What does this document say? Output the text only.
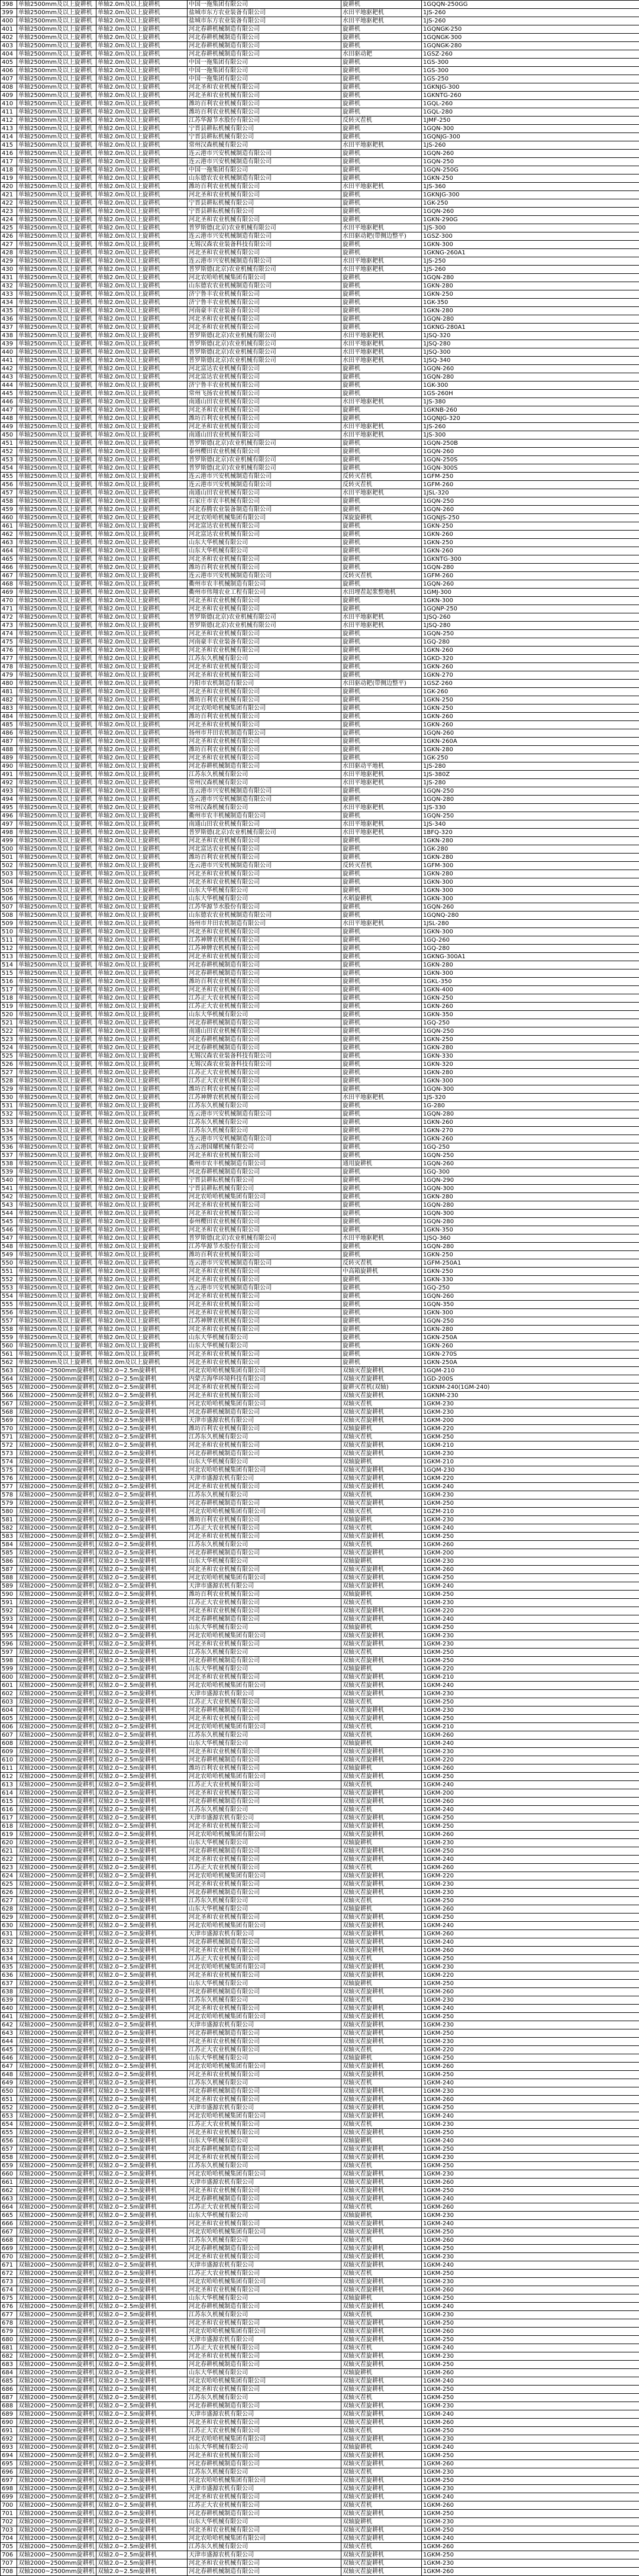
398	单轴2500mm及以上旋耕机	单轴2.0m及以上旋耕机	中国一拖集团有限公司	旋耕机	1GQQN-250GG
399	单轴2500mm及以上旋耕机	单轴2.0m及以上旋耕机	盐城市东方农业装备有限公司	水田平地驱耙机	1JS-260
400	单轴2500mm及以上旋耕机	单轴2.0m及以上旋耕机	盐城市东方农业装备有限公司	水田平地驱耙机	1JS-260
401	单轴2500mm及以上旋耕机	单轴2.0m及以上旋耕机	河北春耕机械制造有限公司	旋耕机	1GQNGK-250
402	单轴2500mm及以上旋耕机	单轴2.0m及以上旋耕机	河北春耕机械制造有限公司	旋耕机	1GQNGK-300
403	单轴2500mm及以上旋耕机	单轴2.0m及以上旋耕机	河北春耕机械制造有限公司	旋耕机	1GQNGK-280
404	单轴2500mm及以上旋耕机	单轴2.0m及以上旋耕机	河北春耕机械制造有限公司	水田驱动耙	1GSZ-260
405	单轴2500mm及以上旋耕机	单轴2.0m及以上旋耕机	中国一拖集团有限公司	旋耕机	1GS-300
406	单轴2500mm及以上旋耕机	单轴2.0m及以上旋耕机	中国一拖集团有限公司	旋耕机	1GS-300
407	单轴2500mm及以上旋耕机	单轴2.0m及以上旋耕机	中国一拖集团有限公司	旋耕机	1GS-250
408	单轴2500mm及以上旋耕机	单轴2.0m及以上旋耕机	河北圣和农业机械有限公司	旋耕机	1GKNJG-300
409	单轴2500mm及以上旋耕机	单轴2.0m及以上旋耕机	河北圣和农业机械有限公司	旋耕机	1GKNTG-260
410	单轴2500mm及以上旋耕机	单轴2.0m及以上旋耕机	潍坊百利农业机械有限公司	旋耕机	1GQL-260
411	单轴2500mm及以上旋耕机	单轴2.0m及以上旋耕机	潍坊百利农业机械有限公司	旋耕机	1GQL-280
412	单轴2500mm及以上旋耕机	单轴2.0m及以上旋耕机	江苏华源节水股份有限公司	反转灭茬机	1JMF-250
413	单轴2500mm及以上旋耕机	单轴2.0m及以上旋耕机	宁晋县耕耘机械有限公司	旋耕机	1GQN-300
414	单轴2500mm及以上旋耕机	单轴2.0m及以上旋耕机	宁晋县耕耘机械有限公司	旋耕机	1GQNJG-300
415	单轴2500mm及以上旋耕机	单轴2.0m及以上旋耕机	常州汉森机械有限公司	水田平地驱耙机	1JS-260
416	单轴2500mm及以上旋耕机	单轴2.0m及以上旋耕机	连云港市兴安机械制造有限公司	旋耕机	1GQN-260
417	单轴2500mm及以上旋耕机	单轴2.0m及以上旋耕机	连云港市兴安机械制造有限公司	旋耕机	1GQN-250
418	单轴2500mm及以上旋耕机	单轴2.0m及以上旋耕机	中国一拖集团有限公司	旋耕机	1GQN-250G
419	单轴2500mm及以上旋耕机	单轴2.0m及以上旋耕机	山东德农农业机械制造有限公司	旋耕机	1GKN-250
420	单轴2500mm及以上旋耕机	单轴2.0m及以上旋耕机	潍坊百利农业机械有限公司	水田平地驱耙机	1JS-360
421	单轴2500mm及以上旋耕机	单轴2.0m及以上旋耕机	河北圣和农业机械有限公司	旋耕机	1GKNJG-300
422	单轴2500mm及以上旋耕机	单轴2.0m及以上旋耕机	宁晋县耕耘机械有限公司	旋耕机	1GK-250
423	单轴2500mm及以上旋耕机	单轴2.0m及以上旋耕机	宁晋县耕耘机械有限公司	旋耕机	1GQN-260
424	单轴2500mm及以上旋耕机	单轴2.0m及以上旋耕机	河北圣和农业机械有限公司	旋耕机	1GKN-290G
425	单轴2500mm及以上旋耕机	单轴2.0m及以上旋耕机	普罗斯德(北京)农业机械有限公司	水田平地驱耙机	1JS-300
426	单轴2500mm及以上旋耕机	单轴2.0m及以上旋耕机	连云港市兴安机械制造有限公司	水田驱动耙(带侧边整平)	1GSZ-300
427	单轴2500mm及以上旋耕机	单轴2.0m及以上旋耕机	无锡汉森农业装备科技有限公司	旋耕机	1GKN-300
428	单轴2500mm及以上旋耕机	单轴2.0m及以上旋耕机	河北圣和农业机械有限公司	旋耕机	1GKNG-260A1
429	单轴2500mm及以上旋耕机	单轴2.0m及以上旋耕机	连云港市兴安机械制造有限公司	水田平地驱耙机	1JS-250
430	单轴2500mm及以上旋耕机	单轴2.0m及以上旋耕机	普罗斯德(北京)农业机械有限公司	水田平地驱耙机	1JS-260
431	单轴2500mm及以上旋耕机	单轴2.0m及以上旋耕机	河北农哈哈机械集团有限公司	旋耕机	1GQN-280
432	单轴2500mm及以上旋耕机	单轴2.0m及以上旋耕机	山东德农农业机械制造有限公司	旋耕机	1GKN-280
433	单轴2500mm及以上旋耕机	单轴2.0m及以上旋耕机	济宁鲁丰农业机械有限公司	旋耕机	1GKN-250
434	单轴2500mm及以上旋耕机	单轴2.0m及以上旋耕机	济宁鲁丰农业机械有限公司	旋耕机	1GK-350
435	单轴2500mm及以上旋耕机	单轴2.0m及以上旋耕机	河南豪丰农业装备有限公司	旋耕机	1GKN-280
436	单轴2500mm及以上旋耕机	单轴2.0m及以上旋耕机	河北圣和农业机械有限公司	旋耕机	1GQN-280
437	单轴2500mm及以上旋耕机	单轴2.0m及以上旋耕机	河北圣和农业机械有限公司	旋耕机	1GKNG-280A1
438	单轴2500mm及以上旋耕机	单轴2.0m及以上旋耕机	普罗斯德(北京)农业机械有限公司	水田平地驱耙机	1JSQ-320
439	单轴2500mm及以上旋耕机	单轴2.0m及以上旋耕机	普罗斯德(北京)农业机械有限公司	水田平地驱耙机	1JSQ-280
440	单轴2500mm及以上旋耕机	单轴2.0m及以上旋耕机	普罗斯德(北京)农业机械有限公司	水田平地驱耙机	1JSQ-300
441	单轴2500mm及以上旋耕机	单轴2.0m及以上旋耕机	普罗斯德(北京)农业机械有限公司	水田平地驱耙机	1JSQ-340
442	单轴2500mm及以上旋耕机	单轴2.0m及以上旋耕机	河北富达农业机械有限公司	旋耕机	1GQN-260
443	单轴2500mm及以上旋耕机	单轴2.0m及以上旋耕机	河北富达农业机械有限公司	旋耕机	1GQN-280
444	单轴2500mm及以上旋耕机	单轴2.0m及以上旋耕机	济宁鲁丰农业机械有限公司	旋耕机	1GK-300
445	单轴2500mm及以上旋耕机	单轴2.0m及以上旋耕机	常州飞扬农业机械有限公司	旋耕机	1GS-260H
446	单轴2500mm及以上旋耕机	单轴2.0m及以上旋耕机	南通山田农业机械有限公司	水田平地驱耙机	1JS-380
447	单轴2500mm及以上旋耕机	单轴2.0m及以上旋耕机	河北圣和农业机械有限公司	旋耕机	1GKNB-260
448	单轴2500mm及以上旋耕机	单轴2.0m及以上旋耕机	潍坊百利农业机械有限公司	旋耕机	1GQNJG-320
449	单轴2500mm及以上旋耕机	单轴2.0m及以上旋耕机	河北圣和农业机械有限公司	水田平地驱耙机	1JS-260
450	单轴2500mm及以上旋耕机	单轴2.0m及以上旋耕机	南通山田农业机械有限公司	水田平地驱耙机	1JS-300
451	单轴2500mm及以上旋耕机	单轴2.0m及以上旋耕机	普罗斯德(北京)农业机械有限公司	旋耕机	1GQN-250B
452	单轴2500mm及以上旋耕机	单轴2.0m及以上旋耕机	泰州樱田农业机械有限公司	旋耕机	1GQN-260
453	单轴2500mm及以上旋耕机	单轴2.0m及以上旋耕机	普罗斯德(北京)农业机械有限公司	旋耕机	1GQN-250S
454	单轴2500mm及以上旋耕机	单轴2.0m及以上旋耕机	普罗斯德(北京)农业机械有限公司	旋耕机	1GQN-300S
455	单轴2500mm及以上旋耕机	单轴2.0m及以上旋耕机	连云港市兴安机械制造有限公司	反转灭茬机	1GFM-250
456	单轴2500mm及以上旋耕机	单轴2.0m及以上旋耕机	连云港市兴安机械制造有限公司	反转灭茬机	1GFM-260
457	单轴2500mm及以上旋耕机	单轴2.0m及以上旋耕机	南通山田农业机械有限公司	水田平地驱耙机	1JSL-320
458	单轴2500mm及以上旋耕机	单轴2.0m及以上旋耕机	石家庄市农丰机械有限公司	旋耕机	1GQN-250
459	单轴2500mm及以上旋耕机	单轴2.0m及以上旋耕机	河北春腾农业装备制造有限公司	旋耕机	1GQN-260
460	单轴2500mm及以上旋耕机	单轴2.0m及以上旋耕机	河北农哈哈机械集团有限公司	深旋旋耕机	1GQNJS-250
461	单轴2500mm及以上旋耕机	单轴2.0m及以上旋耕机	河北富达农业机械有限公司	旋耕机	1GKN-250
462	单轴2500mm及以上旋耕机	单轴2.0m及以上旋耕机	河北富达农业机械有限公司	旋耕机	1GKN-260
463	单轴2500mm及以上旋耕机	单轴2.0m及以上旋耕机	山东大华机械有限公司	旋耕机	1GKN-250
464	单轴2500mm及以上旋耕机	单轴2.0m及以上旋耕机	山东大华机械有限公司	旋耕机	1GKN-260
465	单轴2500mm及以上旋耕机	单轴2.0m及以上旋耕机	河北圣和农业机械有限公司	旋耕机	1GKNTG-300
466	单轴2500mm及以上旋耕机	单轴2.0m及以上旋耕机	潍坊百利农业机械有限公司	旋耕机	1GQN-280
467	单轴2500mm及以上旋耕机	单轴2.0m及以上旋耕机	连云港市兴安机械制造有限公司	反转灭茬机	1GFM-260
468	单轴2500mm及以上旋耕机	单轴2.0m及以上旋耕机	衢州市农丰机械制造有限公司	旋耕机	1GQN-260
469	单轴2500mm及以上旋耕机	单轴2.0m及以上旋耕机	衢州市伟翔农业工程有限公司	水田埋茬起浆整地机	1GMJ-300
470	单轴2500mm及以上旋耕机	单轴2.0m及以上旋耕机	河北圣和农业机械有限公司	旋耕机	1GKN-300
471	单轴2500mm及以上旋耕机	单轴2.0m及以上旋耕机	河北圣和农业机械有限公司	旋耕机	1GQNP-250
472	单轴2500mm及以上旋耕机	单轴2.0m及以上旋耕机	普罗斯德(北京)农业机械有限公司	水田平地驱耙机	1JSQ-260
473	单轴2500mm及以上旋耕机	单轴2.0m及以上旋耕机	普罗斯德(北京)农业机械有限公司	水田平地驱耙机	1JSQ-280
474	单轴2500mm及以上旋耕机	单轴2.0m及以上旋耕机	河北圣和农业机械有限公司	旋耕机	1GQN-250
475	单轴2500mm及以上旋耕机	单轴2.0m及以上旋耕机	河南豪丰农业装备有限公司	旋耕机	1GQ-280
476	单轴2500mm及以上旋耕机	单轴2.0m及以上旋耕机	河北圣和农业机械有限公司	旋耕机	1GKN-260
477	单轴2500mm及以上旋耕机	单轴2.0m及以上旋耕机	江苏东久机械有限公司	旋耕机	1GKD-320
478	单轴2500mm及以上旋耕机	单轴2.0m及以上旋耕机	河北圣和农业机械有限公司	旋耕机	1GKN-260
479	单轴2500mm及以上旋耕机	单轴2.0m及以上旋耕机	河北圣和农业机械有限公司	旋耕机	1GKN-270
480	单轴2500mm及以上旋耕机	单轴2.0m及以上旋耕机	丹阳市农机制造有限公司	水田驱动耙(带侧边整平)	1GSZ-260
481	单轴2500mm及以上旋耕机	单轴2.0m及以上旋耕机	河北圣和农业机械有限公司	旋耕机	1GK-260
482	单轴2500mm及以上旋耕机	单轴2.0m及以上旋耕机	潍坊百利农业机械有限公司	旋耕机	1GKN-250
483	单轴2500mm及以上旋耕机	单轴2.0m及以上旋耕机	河北农哈哈机械集团有限公司	旋耕机	1GKN-250
484	单轴2500mm及以上旋耕机	单轴2.0m及以上旋耕机	潍坊百利农业机械有限公司	旋耕机	1GKN-260
485	单轴2500mm及以上旋耕机	单轴2.0m及以上旋耕机	河北圣和农业机械有限公司	旋耕机	1GKN-260
486	单轴2500mm及以上旋耕机	单轴2.0m及以上旋耕机	扬州市井田农机制造有限公司	旋耕机	1GQN-260
487	单轴2500mm及以上旋耕机	单轴2.0m及以上旋耕机	河北圣和农业机械有限公司	旋耕机	1GKN-260A
488	单轴2500mm及以上旋耕机	单轴2.0m及以上旋耕机	潍坊百利农业机械有限公司	旋耕机	1GKN-280
489	单轴2500mm及以上旋耕机	单轴2.0m及以上旋耕机	河北圣和农业机械有限公司	旋耕机	1GK-250
490	单轴2500mm及以上旋耕机	单轴2.0m及以上旋耕机	河北春耕机械制造有限公司	水田驱动平地机	1JS-280
491	单轴2500mm及以上旋耕机	单轴2.0m及以上旋耕机	江苏东久机械有限公司	水田平地驱耙机	1JS-380Z
492	单轴2500mm及以上旋耕机	单轴2.0m及以上旋耕机	常州汉森机械有限公司	水田平地驱耙机	1JS-280
493	单轴2500mm及以上旋耕机	单轴2.0m及以上旋耕机	连云港市兴安机械制造有限公司	旋耕机	1GQN-250
494	单轴2500mm及以上旋耕机	单轴2.0m及以上旋耕机	连云港市兴安机械制造有限公司	旋耕机	1GQN-280
495	单轴2500mm及以上旋耕机	单轴2.0m及以上旋耕机	常州汉森机械有限公司	水田平地驱耙机	1JS-330
496	单轴2500mm及以上旋耕机	单轴2.0m及以上旋耕机	衢州市农丰机械制造有限公司	旋耕机	1GQN-250
497	单轴2500mm及以上旋耕机	单轴2.0m及以上旋耕机	南通山田农业机械有限公司	水田平地驱耙机	1JS-340
498	单轴2500mm及以上旋耕机	单轴2.0m及以上旋耕机	普罗斯德(北京)农业机械有限公司	水田平地驱耙机	1BFQ-320
499	单轴2500mm及以上旋耕机	单轴2.0m及以上旋耕机	河北圣和农业机械有限公司	旋耕机	1GKN-280
500	单轴2500mm及以上旋耕机	单轴2.0m及以上旋耕机	河北富达农业机械有限公司	旋耕机	1GK-280
501	单轴2500mm及以上旋耕机	单轴2.0m及以上旋耕机	潍坊百利农业机械有限公司	旋耕机	1GKN-280
502	单轴2500mm及以上旋耕机	单轴2.0m及以上旋耕机	连云港市兴安机械制造有限公司	反转灭茬机	1GFM-300
503	单轴2500mm及以上旋耕机	单轴2.0m及以上旋耕机	河北圣和农业机械有限公司	旋耕机	1GKN-280
504	单轴2500mm及以上旋耕机	单轴2.0m及以上旋耕机	河北圣和农业机械有限公司	旋耕机	1GKN-300
505	单轴2500mm及以上旋耕机	单轴2.0m及以上旋耕机	山东大华机械有限公司	旋耕机	1GKN-300
506	单轴2500mm及以上旋耕机	单轴2.0m及以上旋耕机	山东大华机械有限公司	水稻旋耕机	1GKN-300
507	单轴2500mm及以上旋耕机	单轴2.0m及以上旋耕机	江苏华源节水股份有限公司	旋耕机	1GQN-260
508	单轴2500mm及以上旋耕机	单轴2.0m及以上旋耕机	山东德农农业机械制造有限公司	旋耕机	1GQNQ-280
509	单轴2500mm及以上旋耕机	单轴2.0m及以上旋耕机	扬州市井田农机制造有限公司	水田平地驱耙机	1JSL-280
510	单轴2500mm及以上旋耕机	单轴2.0m及以上旋耕机	河北圣和农业机械有限公司	旋耕机	1GKN-300
511	单轴2500mm及以上旋耕机	单轴2.0m及以上旋耕机	江苏神牌农机机械有限公司	旋耕机	1GQ-260
512	单轴2500mm及以上旋耕机	单轴2.0m及以上旋耕机	江苏神牌农机机械有限公司	旋耕机	1GQ-280
513	单轴2500mm及以上旋耕机	单轴2.0m及以上旋耕机	河北圣和农业机械有限公司	旋耕机	1GKNG-300A1
514	单轴2500mm及以上旋耕机	单轴2.0m及以上旋耕机	河北春耕机械制造有限公司	旋耕机	1GKN-280
515	单轴2500mm及以上旋耕机	单轴2.0m及以上旋耕机	河北春耕机械制造有限公司	旋耕机	1GKN-300
516	单轴2500mm及以上旋耕机	单轴2.0m及以上旋耕机	潍坊百利农业机械有限公司	旋耕机	1GKL-350
517	单轴2500mm及以上旋耕机	单轴2.0m及以上旋耕机	河北圣和农业机械有限公司	旋耕机	1GKN-400
518	单轴2500mm及以上旋耕机	单轴2.0m及以上旋耕机	江苏正大农业机械有限公司	旋耕机	1GKN-250
519	单轴2500mm及以上旋耕机	单轴2.0m及以上旋耕机	江苏正大农业机械有限公司	旋耕机	1GKN-260
520	单轴2500mm及以上旋耕机	单轴2.0m及以上旋耕机	山东大华机械有限公司	旋耕机	1GKN-350
521	单轴2500mm及以上旋耕机	单轴2.0m及以上旋耕机	河北春耕机械制造有限公司	旋耕机	1GQ-250
522	单轴2500mm及以上旋耕机	单轴2.0m及以上旋耕机	南通山田农业机械有限公司	旋耕机	1GQN-250
523	单轴2500mm及以上旋耕机	单轴2.0m及以上旋耕机	河北春耕机械制造有限公司	旋耕机	1GKN-250
524	单轴2500mm及以上旋耕机	单轴2.0m及以上旋耕机	河北春耕机械制造有限公司	旋耕机	1GKN-280
525	单轴2500mm及以上旋耕机	单轴2.0m及以上旋耕机	无锡汉森农业装备科技有限公司	旋耕机	1GKN-330
526	单轴2500mm及以上旋耕机	单轴2.0m及以上旋耕机	无锡汉森农业装备科技有限公司	旋耕机	1GKN-320
527	单轴2500mm及以上旋耕机	单轴2.0m及以上旋耕机	江苏正大农业机械有限公司	旋耕机	1GKN-280
528	单轴2500mm及以上旋耕机	单轴2.0m及以上旋耕机	江苏正大农业机械有限公司	旋耕机	1GKN-300
529	单轴2500mm及以上旋耕机	单轴2.0m及以上旋耕机	潍坊百利农业机械有限公司	旋耕机	1GQN-300
530	单轴2500mm及以上旋耕机	单轴2.0m及以上旋耕机	江苏神牌农机机械有限公司	水田平地驱耙机	1JS-320
531	单轴2500mm及以上旋耕机	单轴2.0m及以上旋耕机	江苏东久机械有限公司	旋耕机	1G-280
532	单轴2500mm及以上旋耕机	单轴2.0m及以上旋耕机	连云港市兴安机械制造有限公司	旋耕机	1GQN-280
533	单轴2500mm及以上旋耕机	单轴2.0m及以上旋耕机	江苏东久机械有限公司	旋耕机	1GKN-260
534	单轴2500mm及以上旋耕机	单轴2.0m及以上旋耕机	江苏东久机械有限公司	旋耕机	1GKN-270
535	单轴2500mm及以上旋耕机	单轴2.0m及以上旋耕机	连云港市兴安机械制造有限公司	旋耕机	1GKN-260
536	单轴2500mm及以上旋耕机	单轴2.0m及以上旋耕机	连云港国耀机械有限公司	旋耕机	1GQ-250
537	单轴2500mm及以上旋耕机	单轴2.0m及以上旋耕机	河北圣和农业机械有限公司	旋耕机	1GQN-250
538	单轴2500mm及以上旋耕机	单轴2.0m及以上旋耕机	衢州市农丰机械制造有限公司	通用旋耕机	1GQN-260
539	单轴2500mm及以上旋耕机	单轴2.0m及以上旋耕机	河北春耕机械制造有限公司	旋耕机	1GQ-300
540	单轴2500mm及以上旋耕机	单轴2.0m及以上旋耕机	宁晋县耕耘机械有限公司	旋耕机	1GQN-290
541	单轴2500mm及以上旋耕机	单轴2.0m及以上旋耕机	宁晋县耕耘机械有限公司	旋耕机	1GQN-300
542	单轴2500mm及以上旋耕机	单轴2.0m及以上旋耕机	河北农哈哈机械集团有限公司	旋耕机	1GKN-280
543	单轴2500mm及以上旋耕机	单轴2.0m及以上旋耕机	河北圣和农业机械有限公司	旋耕机	1GQN-280
544	单轴2500mm及以上旋耕机	单轴2.0m及以上旋耕机	河北圣和农业机械有限公司	旋耕机	1GQN-300
545	单轴2500mm及以上旋耕机	单轴2.0m及以上旋耕机	泰州樱田农业机械有限公司	旋耕机	1GQN-280
546	单轴2500mm及以上旋耕机	单轴2.0m及以上旋耕机	河北圣和农业机械有限公司	旋耕机	1GKN-350
547	单轴2500mm及以上旋耕机	单轴2.0m及以上旋耕机	普罗斯德(北京)农业机械有限公司	水田平地驱耙机	1JSQ-360
548	单轴2500mm及以上旋耕机	单轴2.0m及以上旋耕机	江苏华源节水股份有限公司	旋耕机	1GQN-280
549	单轴2500mm及以上旋耕机	单轴2.0m及以上旋耕机	潍坊百利农业机械有限公司	旋耕机	1GKN-250
550	单轴2500mm及以上旋耕机	单轴2.0m及以上旋耕机	连云港市兴安机械制造有限公司	反转灭茬机	1GFM-250A1
551	单轴2500mm及以上旋耕机	单轴2.0m及以上旋耕机	河北圣和农业机械有限公司	中高箱旋耕机	1GKN-250
552	单轴2500mm及以上旋耕机	单轴2.0m及以上旋耕机	河北圣和农业机械有限公司	旋耕机	1GKN-330
553	单轴2500mm及以上旋耕机	单轴2.0m及以上旋耕机	连云港市兴安机械制造有限公司	旋耕机	1GQ-250
554	单轴2500mm及以上旋耕机	单轴2.0m及以上旋耕机	河北圣和农业机械有限公司	旋耕机	1GQN-260
555	单轴2500mm及以上旋耕机	单轴2.0m及以上旋耕机	河北圣和农业机械有限公司	旋耕机	1GQN-350
556	单轴2500mm及以上旋耕机	单轴2.0m及以上旋耕机	河北圣和农业机械有限公司	旋耕机	1GKN-300
557	单轴2500mm及以上旋耕机	单轴2.0m及以上旋耕机	江苏神牌农机机械有限公司	旋耕机	1GQN-250
558	单轴2500mm及以上旋耕机	单轴2.0m及以上旋耕机	河北圣和农业机械有限公司	旋耕机	1GKN-280
559	单轴2500mm及以上旋耕机	单轴2.0m及以上旋耕机	山东大华机械有限公司	旋耕机	1GKN-250A
560	单轴2500mm及以上旋耕机	单轴2.0m及以上旋耕机	山东大华机械有限公司	旋耕机	1GKN-260
561	单轴2500mm及以上旋耕机	单轴2.0m及以上旋耕机	河北圣和农业机械有限公司	旋耕机	1GKN-270S
562	单轴2500mm及以上旋耕机	单轴2.0m及以上旋耕机	河北圣和农业机械有限公司	旋耕机	1GKN-250A
563	双轴2000~2500mm旋耕机	双轴2.0~2.5m旋耕机	河北农哈哈机械集团有限公司	双轴灭茬旋耕机	1GQM-210
564	双轴2000~2500mm旋耕机	双轴2.0~2.5m旋耕机	内蒙古海华环境科技有限公司	双轴灭茬旋耕机	1GD-200S
565	双轴2000~2500mm旋耕机	双轴2.0~2.5m旋耕机	河北圣和农业机械有限公司	旋耕灭茬机(双轴)	1GKNM-240(1GM-240)
566	双轴2000~2500mm旋耕机	双轴2.0~2.5m旋耕机	河北圣和农业机械有限公司	双轴灭茬旋耕机	1GKNM-230
567	双轴2000~2500mm旋耕机	双轴2.0~2.5m旋耕机	河北农哈哈机械集团有限公司	双轴灭茬机	1GKM-230
568	双轴2000~2500mm旋耕机	双轴2.0~2.5m旋耕机	河北春耕机械制造有限公司	双轴灭茬旋耕机	1GKM-230
569	双轴2000~2500mm旋耕机	双轴2.0~2.5m旋耕机	天津市盛源农机有限公司	双轴灭茬旋耕机	1GKM-200
570	双轴2000~2500mm旋耕机	双轴2.0~2.5m旋耕机	潍坊百利农业机械有限公司	双轴旋耕机	1GKM-220
571	双轴2000~2500mm旋耕机	双轴2.0~2.5m旋耕机	江苏东久机械有限公司	双轴灭茬机	1GKM-250
572	双轴2000~2500mm旋耕机	双轴2.0~2.5m旋耕机	河北圣和农业机械有限公司	双轴灭茬旋耕机	1GKM-210
573	双轴2000~2500mm旋耕机	双轴2.0~2.5m旋耕机	河北春耕机械制造有限公司	双轴灭茬旋耕机	1GKM-230
574	双轴2000~2500mm旋耕机	双轴2.0~2.5m旋耕机	山东大华机械有限公司	双轴旋耕机	1GKM-210
575	双轴2000~2500mm旋耕机	双轴2.0~2.5m旋耕机	河北农哈哈机械集团有限公司	双轴灭茬旋耕机	1GQM-230
576	双轴2000~2500mm旋耕机	双轴2.0~2.5m旋耕机	天津市盛源农机有限公司	双轴灭茬旋耕机	1GKM-220
577	双轴2000~2500mm旋耕机	双轴2.0~2.5m旋耕机	河北圣和农业机械有限公司	双轴灭茬旋耕机	1GKM-240
578	双轴2000~2500mm旋耕机	双轴2.0~2.5m旋耕机	江苏东久机械有限公司	双轴灭茬机	1GKM-230
579	双轴2000~2500mm旋耕机	双轴2.0~2.5m旋耕机	河北春耕机械制造有限公司	双轴灭茬旋耕机	1GKM-250
580	双轴2000~2500mm旋耕机	双轴2.0~2.5m旋耕机	河北农哈哈机械集团有限公司	双轴灭茬机	1GZM-210
581	双轴2000~2500mm旋耕机	双轴2.0~2.5m旋耕机	潍坊百利农业机械有限公司	双轴旋耕机	1GKM-230
582	双轴2000~2500mm旋耕机	双轴2.0~2.5m旋耕机	江苏正大农业机械有限公司	双轴灭茬机	1GKM-240
583	双轴2000~2500mm旋耕机	双轴2.0~2.5m旋耕机	河北圣和农业机械有限公司	双轴灭茬旋耕机	1GKM-250
584	双轴2000~2500mm旋耕机	双轴2.0~2.5m旋耕机	江苏东久机械有限公司	双轴灭茬机	1GKM-260
585	双轴2000~2500mm旋耕机	双轴2.0~2.5m旋耕机	河北春耕机械制造有限公司	双轴灭茬旋耕机	1GKM-200
586	双轴2000~2500mm旋耕机	双轴2.0~2.5m旋耕机	山东大华机械有限公司	双轴旋耕机	1GKM-230
587	双轴2000~2500mm旋耕机	双轴2.0~2.5m旋耕机	河北圣和农业机械有限公司	双轴灭茬旋耕机	1GKM-260
588	双轴2000~2500mm旋耕机	双轴2.0~2.5m旋耕机	河北农哈哈机械集团有限公司	双轴灭茬旋耕机	1GKM-250
589	双轴2000~2500mm旋耕机	双轴2.0~2.5m旋耕机	天津市盛源农机有限公司	双轴灭茬旋耕机	1GKM-240
590	双轴2000~2500mm旋耕机	双轴2.0~2.5m旋耕机	潍坊百利农业机械有限公司	双轴旋耕机	1GKM-250
591	双轴2000~2500mm旋耕机	双轴2.0~2.5m旋耕机	江苏正大农业机械有限公司	双轴灭茬机	1GKM-230
592	双轴2000~2500mm旋耕机	双轴2.0~2.5m旋耕机	河北圣和农业机械有限公司	双轴灭茬旋耕机	1GKM-220
593	双轴2000~2500mm旋耕机	双轴2.0~2.5m旋耕机	河北春耕机械制造有限公司	双轴灭茬旋耕机	1GKM-240
594	双轴2000~2500mm旋耕机	双轴2.0~2.5m旋耕机	山东大华机械有限公司	双轴旋耕机	1GKM-250
595	双轴2000~2500mm旋耕机	双轴2.0~2.5m旋耕机	河北农哈哈机械集团有限公司	双轴灭茬旋耕机	1GKM-230
596	双轴2000~2500mm旋耕机	双轴2.0~2.5m旋耕机	河北圣和农业机械有限公司	双轴灭茬旋耕机	1GKM-230
597	双轴2000~2500mm旋耕机	双轴2.0~2.5m旋耕机	江苏东久机械有限公司	双轴灭茬机	1GKM-250
598	双轴2000~2500mm旋耕机	双轴2.0~2.5m旋耕机	河北春耕机械制造有限公司	双轴灭茬旋耕机	1GKM-250
599	双轴2000~2500mm旋耕机	双轴2.0~2.5m旋耕机	山东大华机械有限公司	双轴旋耕机	1GKM-220
600	双轴2000~2500mm旋耕机	双轴2.0~2.5m旋耕机	河北圣和农业机械有限公司	双轴灭茬旋耕机	1GKM-210
601	双轴2000~2500mm旋耕机	双轴2.0~2.5m旋耕机	河北农哈哈机械集团有限公司	双轴灭茬旋耕机	1GKM-240
602	双轴2000~2500mm旋耕机	双轴2.0~2.5m旋耕机	天津市盛源农机有限公司	双轴灭茬旋耕机	1GKM-230
603	双轴2000~2500mm旋耕机	双轴2.0~2.5m旋耕机	江苏正大农业机械有限公司	双轴灭茬机	1GKM-250
604	双轴2000~2500mm旋耕机	双轴2.0~2.5m旋耕机	河北春耕机械制造有限公司	双轴灭茬旋耕机	1GKM-230
605	双轴2000~2500mm旋耕机	双轴2.0~2.5m旋耕机	河北圣和农业机械有限公司	双轴灭茬旋耕机	1GKM-250
606	双轴2000~2500mm旋耕机	双轴2.0~2.5m旋耕机	河北农哈哈机械集团有限公司	双轴灭茬机	1GKM-210
607	双轴2000~2500mm旋耕机	双轴2.0~2.5m旋耕机	江苏东久机械有限公司	双轴灭茬机	1GKM-260
608	双轴2000~2500mm旋耕机	双轴2.0~2.5m旋耕机	山东大华机械有限公司	双轴旋耕机	1GKM-240
609	双轴2000~2500mm旋耕机	双轴2.0~2.5m旋耕机	河北圣和农业机械有限公司	双轴灭茬旋耕机	1GKM-230
610	双轴2000~2500mm旋耕机	双轴2.0~2.5m旋耕机	河北春耕机械制造有限公司	双轴灭茬旋耕机	1GKM-220
611	双轴2000~2500mm旋耕机	双轴2.0~2.5m旋耕机	潍坊百利农业机械有限公司	双轴旋耕机	1GKM-260
612	双轴2000~2500mm旋耕机	双轴2.0~2.5m旋耕机	河北农哈哈机械集团有限公司	双轴灭茬旋耕机	1GKM-250
613	双轴2000~2500mm旋耕机	双轴2.0~2.5m旋耕机	江苏正大农业机械有限公司	双轴灭茬机	1GKM-240
614	双轴2000~2500mm旋耕机	双轴2.0~2.5m旋耕机	河北圣和农业机械有限公司	双轴灭茬旋耕机	1GKM-200
615	双轴2000~2500mm旋耕机	双轴2.0~2.5m旋耕机	河北春耕机械制造有限公司	双轴灭茬旋耕机	1GKM-260
616	双轴2000~2500mm旋耕机	双轴2.0~2.5m旋耕机	江苏东久机械有限公司	双轴灭茬机	1GKM-240
617	双轴2000~2500mm旋耕机	双轴2.0~2.5m旋耕机	天津市盛源农机有限公司	双轴灭茬旋耕机	1GKM-250
618	双轴2000~2500mm旋耕机	双轴2.0~2.5m旋耕机	河北圣和农业机械有限公司	双轴灭茬旋耕机	1GKM-250
619	双轴2000~2500mm旋耕机	双轴2.0~2.5m旋耕机	河北农哈哈机械集团有限公司	双轴灭茬旋耕机	1GKM-260
620	双轴2000~2500mm旋耕机	双轴2.0~2.5m旋耕机	山东大华机械有限公司	双轴旋耕机	1GKM-230
621	双轴2000~2500mm旋耕机	双轴2.0~2.5m旋耕机	河北春耕机械制造有限公司	双轴灭茬旋耕机	1GKM-250
622	双轴2000~2500mm旋耕机	双轴2.0~2.5m旋耕机	河北圣和农业机械有限公司	双轴灭茬旋耕机	1GKM-240
623	双轴2000~2500mm旋耕机	双轴2.0~2.5m旋耕机	江苏正大农业机械有限公司	双轴灭茬机	1GKM-260
624	双轴2000~2500mm旋耕机	双轴2.0~2.5m旋耕机	河北农哈哈机械集团有限公司	双轴灭茬旋耕机	1GKM-220
625	双轴2000~2500mm旋耕机	双轴2.0~2.5m旋耕机	河北圣和农业机械有限公司	双轴灭茬旋耕机	1GKM-230
626	双轴2000~2500mm旋耕机	双轴2.0~2.5m旋耕机	河北春耕机械制造有限公司	双轴灭茬旋耕机	1GKM-230
627	双轴2000~2500mm旋耕机	双轴2.0~2.5m旋耕机	江苏东久机械有限公司	双轴灭茬机	1GKM-250
628	双轴2000~2500mm旋耕机	双轴2.0~2.5m旋耕机	山东大华机械有限公司	双轴旋耕机	1GKM-260
629	双轴2000~2500mm旋耕机	双轴2.0~2.5m旋耕机	河北圣和农业机械有限公司	双轴灭茬旋耕机	1GKM-250
630	双轴2000~2500mm旋耕机	双轴2.0~2.5m旋耕机	河北农哈哈机械集团有限公司	双轴灭茬旋耕机	1GKM-240
631	双轴2000~2500mm旋耕机	双轴2.0~2.5m旋耕机	天津市盛源农机有限公司	双轴灭茬旋耕机	1GKM-260
632	双轴2000~2500mm旋耕机	双轴2.0~2.5m旋耕机	河北春耕机械制造有限公司	双轴灭茬旋耕机	1GKM-240
633	双轴2000~2500mm旋耕机	双轴2.0~2.5m旋耕机	河北圣和农业机械有限公司	双轴灭茬旋耕机	1GKM-260
634	双轴2000~2500mm旋耕机	双轴2.0~2.5m旋耕机	江苏正大农业机械有限公司	双轴灭茬机	1GKM-250
635	双轴2000~2500mm旋耕机	双轴2.0~2.5m旋耕机	河北农哈哈机械集团有限公司	双轴灭茬旋耕机	1GKM-230
636	双轴2000~2500mm旋耕机	双轴2.0~2.5m旋耕机	河北圣和农业机械有限公司	双轴灭茬旋耕机	1GKM-220
637	双轴2000~2500mm旋耕机	双轴2.0~2.5m旋耕机	山东大华机械有限公司	双轴旋耕机	1GKM-250
638	双轴2000~2500mm旋耕机	双轴2.0~2.5m旋耕机	河北春耕机械制造有限公司	双轴灭茬旋耕机	1GKM-260
639	双轴2000~2500mm旋耕机	双轴2.0~2.5m旋耕机	江苏东久机械有限公司	双轴灭茬机	1GKM-230
640	双轴2000~2500mm旋耕机	双轴2.0~2.5m旋耕机	河北圣和农业机械有限公司	双轴灭茬旋耕机	1GKM-240
641	双轴2000~2500mm旋耕机	双轴2.0~2.5m旋耕机	河北农哈哈机械集团有限公司	双轴灭茬旋耕机	1GKM-250
642	双轴2000~2500mm旋耕机	双轴2.0~2.5m旋耕机	天津市盛源农机有限公司	双轴灭茬旋耕机	1GKM-230
643	双轴2000~2500mm旋耕机	双轴2.0~2.5m旋耕机	河北春耕机械制造有限公司	双轴灭茬旋耕机	1GKM-250
644	双轴2000~2500mm旋耕机	双轴2.0~2.5m旋耕机	河北圣和农业机械有限公司	双轴灭茬旋耕机	1GKM-230
645	双轴2000~2500mm旋耕机	双轴2.0~2.5m旋耕机	江苏正大农业机械有限公司	双轴灭茬机	1GKM-220
646	双轴2000~2500mm旋耕机	双轴2.0~2.5m旋耕机	山东大华机械有限公司	双轴旋耕机	1GKM-250
647	双轴2000~2500mm旋耕机	双轴2.0~2.5m旋耕机	河北农哈哈机械集团有限公司	双轴灭茬旋耕机	1GKM-260
648	双轴2000~2500mm旋耕机	双轴2.0~2.5m旋耕机	河北圣和农业机械有限公司	双轴灭茬旋耕机	1GKM-250
649	双轴2000~2500mm旋耕机	双轴2.0~2.5m旋耕机	江苏东久机械有限公司	双轴灭茬机	1GKM-240
650	双轴2000~2500mm旋耕机	双轴2.0~2.5m旋耕机	河北春耕机械制造有限公司	双轴灭茬旋耕机	1GKM-230
651	双轴2000~2500mm旋耕机	双轴2.0~2.5m旋耕机	河北圣和农业机械有限公司	双轴灭茬旋耕机	1GKM-260
652	双轴2000~2500mm旋耕机	双轴2.0~2.5m旋耕机	天津市盛源农机有限公司	双轴灭茬旋耕机	1GKM-250
653	双轴2000~2500mm旋耕机	双轴2.0~2.5m旋耕机	河北农哈哈机械集团有限公司	双轴灭茬旋耕机	1GKM-240
654	双轴2000~2500mm旋耕机	双轴2.0~2.5m旋耕机	江苏正大农业机械有限公司	双轴灭茬机	1GKM-230
655	双轴2000~2500mm旋耕机	双轴2.0~2.5m旋耕机	河北圣和农业机械有限公司	双轴灭茬旋耕机	1GKM-250
656	双轴2000~2500mm旋耕机	双轴2.0~2.5m旋耕机	山东大华机械有限公司	双轴旋耕机	1GKM-240
657	双轴2000~2500mm旋耕机	双轴2.0~2.5m旋耕机	河北春耕机械制造有限公司	双轴灭茬旋耕机	1GKM-250
658	双轴2000~2500mm旋耕机	双轴2.0~2.5m旋耕机	河北圣和农业机械有限公司	双轴灭茬旋耕机	1GKM-230
659	双轴2000~2500mm旋耕机	双轴2.0~2.5m旋耕机	江苏东久机械有限公司	双轴灭茬机	1GKM-250
660	双轴2000~2500mm旋耕机	双轴2.0~2.5m旋耕机	河北农哈哈机械集团有限公司	双轴灭茬旋耕机	1GKM-230
661	双轴2000~2500mm旋耕机	双轴2.0~2.5m旋耕机	天津市盛源农机有限公司	双轴灭茬旋耕机	1GKM-260
662	双轴2000~2500mm旋耕机	双轴2.0~2.5m旋耕机	河北圣和农业机械有限公司	双轴灭茬旋耕机	1GKM-250
663	双轴2000~2500mm旋耕机	双轴2.0~2.5m旋耕机	河北春耕机械制造有限公司	双轴灭茬旋耕机	1GKM-240
664	双轴2000~2500mm旋耕机	双轴2.0~2.5m旋耕机	江苏正大农业机械有限公司	双轴灭茬机	1GKM-260
665	双轴2000~2500mm旋耕机	双轴2.0~2.5m旋耕机	山东大华机械有限公司	双轴旋耕机	1GKM-230
666	双轴2000~2500mm旋耕机	双轴2.0~2.5m旋耕机	河北圣和农业机械有限公司	双轴灭茬旋耕机	1GKM-240
667	双轴2000~2500mm旋耕机	双轴2.0~2.5m旋耕机	河北农哈哈机械集团有限公司	双轴灭茬旋耕机	1GKM-250
668	双轴2000~2500mm旋耕机	双轴2.0~2.5m旋耕机	江苏东久机械有限公司	双轴灭茬机	1GKM-260
669	双轴2000~2500mm旋耕机	双轴2.0~2.5m旋耕机	河北春耕机械制造有限公司	双轴灭茬旋耕机	1GKM-250
670	双轴2000~2500mm旋耕机	双轴2.0~2.5m旋耕机	河北圣和农业机械有限公司	双轴灭茬旋耕机	1GKM-230
671	双轴2000~2500mm旋耕机	双轴2.0~2.5m旋耕机	天津市盛源农机有限公司	双轴灭茬旋耕机	1GKM-240
672	双轴2000~2500mm旋耕机	双轴2.0~2.5m旋耕机	江苏正大农业机械有限公司	双轴灭茬机	1GKM-250
673	双轴2000~2500mm旋耕机	双轴2.0~2.5m旋耕机	河北农哈哈机械集团有限公司	双轴灭茬旋耕机	1GKM-230
674	双轴2000~2500mm旋耕机	双轴2.0~2.5m旋耕机	河北圣和农业机械有限公司	双轴灭茬旋耕机	1GKM-260
675	双轴2000~2500mm旋耕机	双轴2.0~2.5m旋耕机	山东大华机械有限公司	双轴旋耕机	1GKM-250
676	双轴2000~2500mm旋耕机	双轴2.0~2.5m旋耕机	河北春耕机械制造有限公司	双轴灭茬旋耕机	1GKM-240
677	双轴2000~2500mm旋耕机	双轴2.0~2.5m旋耕机	江苏东久机械有限公司	双轴灭茬机	1GKM-230
678	双轴2000~2500mm旋耕机	双轴2.0~2.5m旋耕机	河北圣和农业机械有限公司	双轴灭茬旋耕机	1GKM-250
679	双轴2000~2500mm旋耕机	双轴2.0~2.5m旋耕机	河北农哈哈机械集团有限公司	双轴灭茬旋耕机	1GKM-260
680	双轴2000~2500mm旋耕机	双轴2.0~2.5m旋耕机	天津市盛源农机有限公司	双轴灭茬旋耕机	1GKM-250
681	双轴2000~2500mm旋耕机	双轴2.0~2.5m旋耕机	江苏正大农业机械有限公司	双轴灭茬机	1GKM-240
682	双轴2000~2500mm旋耕机	双轴2.0~2.5m旋耕机	河北圣和农业机械有限公司	双轴灭茬旋耕机	1GKM-230
683	双轴2000~2500mm旋耕机	双轴2.0~2.5m旋耕机	河北春耕机械制造有限公司	双轴灭茬旋耕机	1GKM-250
684	双轴2000~2500mm旋耕机	双轴2.0~2.5m旋耕机	山东大华机械有限公司	双轴旋耕机	1GKM-260
685	双轴2000~2500mm旋耕机	双轴2.0~2.5m旋耕机	河北农哈哈机械集团有限公司	双轴灭茬旋耕机	1GKM-240
686	双轴2000~2500mm旋耕机	双轴2.0~2.5m旋耕机	河北圣和农业机械有限公司	双轴灭茬旋耕机	1GKM-250
687	双轴2000~2500mm旋耕机	双轴2.0~2.5m旋耕机	江苏东久机械有限公司	双轴灭茬机	1GKM-250
688	双轴2000~2500mm旋耕机	双轴2.0~2.5m旋耕机	河北春耕机械制造有限公司	双轴灭茬旋耕机	1GKM-230
689	双轴2000~2500mm旋耕机	双轴2.0~2.5m旋耕机	天津市盛源农机有限公司	双轴灭茬旋耕机	1GKM-240
690	双轴2000~2500mm旋耕机	双轴2.0~2.5m旋耕机	河北圣和农业机械有限公司	双轴灭茬旋耕机	1GKM-260
691	双轴2000~2500mm旋耕机	双轴2.0~2.5m旋耕机	江苏正大农业机械有限公司	双轴灭茬机	1GKM-250
692	双轴2000~2500mm旋耕机	双轴2.0~2.5m旋耕机	河北农哈哈机械集团有限公司	双轴灭茬旋耕机	1GKM-230
693	双轴2000~2500mm旋耕机	双轴2.0~2.5m旋耕机	山东大华机械有限公司	双轴旋耕机	1GKM-240
694	双轴2000~2500mm旋耕机	双轴2.0~2.5m旋耕机	河北圣和农业机械有限公司	双轴灭茬旋耕机	1GKM-250
695	双轴2000~2500mm旋耕机	双轴2.0~2.5m旋耕机	河北春耕机械制造有限公司	双轴灭茬旋耕机	1GKM-260
696	双轴2000~2500mm旋耕机	双轴2.0~2.5m旋耕机	江苏东久机械有限公司	双轴灭茬机	1GKM-230
697	双轴2000~2500mm旋耕机	双轴2.0~2.5m旋耕机	河北农哈哈机械集团有限公司	双轴灭茬旋耕机	1GKM-250
698	双轴2000~2500mm旋耕机	双轴2.0~2.5m旋耕机	天津市盛源农机有限公司	双轴灭茬旋耕机	1GKM-230
699	双轴2000~2500mm旋耕机	双轴2.0~2.5m旋耕机	河北圣和农业机械有限公司	双轴灭茬旋耕机	1GKM-240
700	双轴2000~2500mm旋耕机	双轴2.0~2.5m旋耕机	江苏正大农业机械有限公司	双轴灭茬机	1GKM-260
701	双轴2000~2500mm旋耕机	双轴2.0~2.5m旋耕机	河北春耕机械制造有限公司	双轴灭茬旋耕机	1GKM-250
702	双轴2000~2500mm旋耕机	双轴2.0~2.5m旋耕机	山东大华机械有限公司	双轴旋耕机	1GKM-230
703	双轴2000~2500mm旋耕机	双轴2.0~2.5m旋耕机	河北圣和农业机械有限公司	双轴灭茬旋耕机	1GKM-250
704	双轴2000~2500mm旋耕机	双轴2.0~2.5m旋耕机	河北农哈哈机械集团有限公司	双轴灭茬旋耕机	1GKM-240
705	双轴2000~2500mm旋耕机	双轴2.0~2.5m旋耕机	江苏东久机械有限公司	双轴灭茬机	1GKM-260
706	双轴2000~2500mm旋耕机	双轴2.0~2.5m旋耕机	天津市盛源农机有限公司	双轴灭茬旋耕机	1GKM-250
707	双轴2000~2500mm旋耕机	双轴2.0~2.5m旋耕机	河北圣和农业机械有限公司	双轴灭茬旋耕机	1GKM-230
708	双轴2000~2500mm旋耕机	双轴2.0~2.5m旋耕机	河北春耕机械制造有限公司	双轴灭茬旋耕机	1GKM-260
